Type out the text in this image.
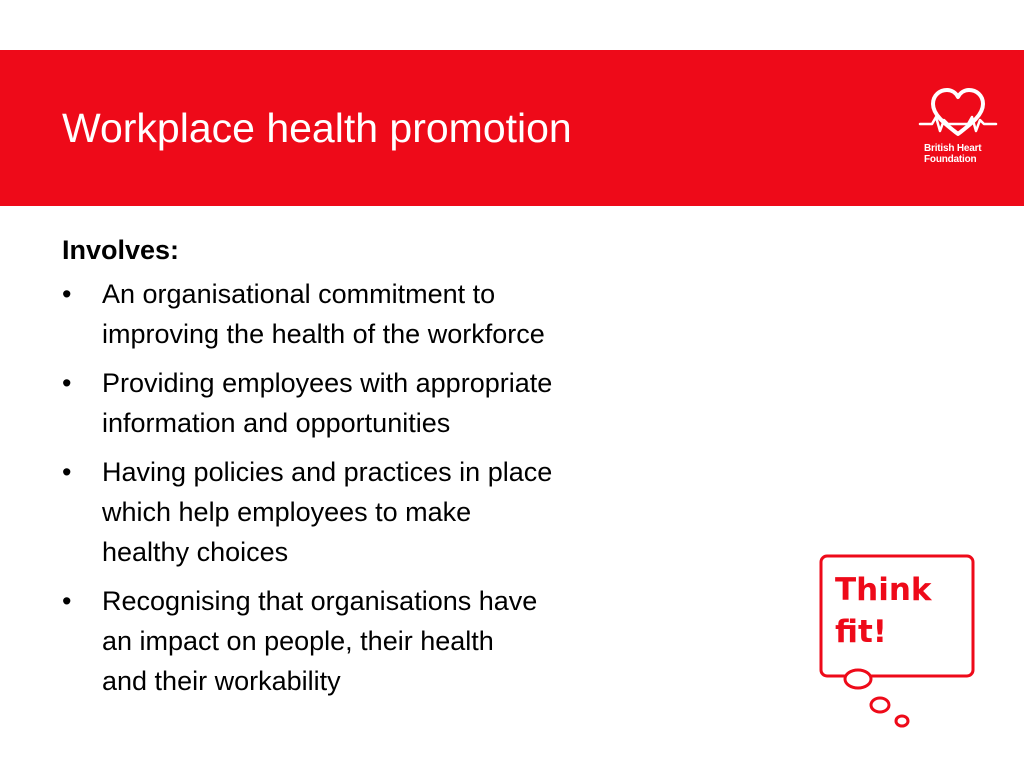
Workplace health promotion	British Heart
Foundation
Involves:
•	An organisational commitment to
improving the health of the workforce
•	Providing employees with appropriate
information and opportunities
•	Having policies and practices in place
which help employees to make
healthy choices
•	Recognising that organisations have
an impact on people, their health
and their workability
Think
fit!
